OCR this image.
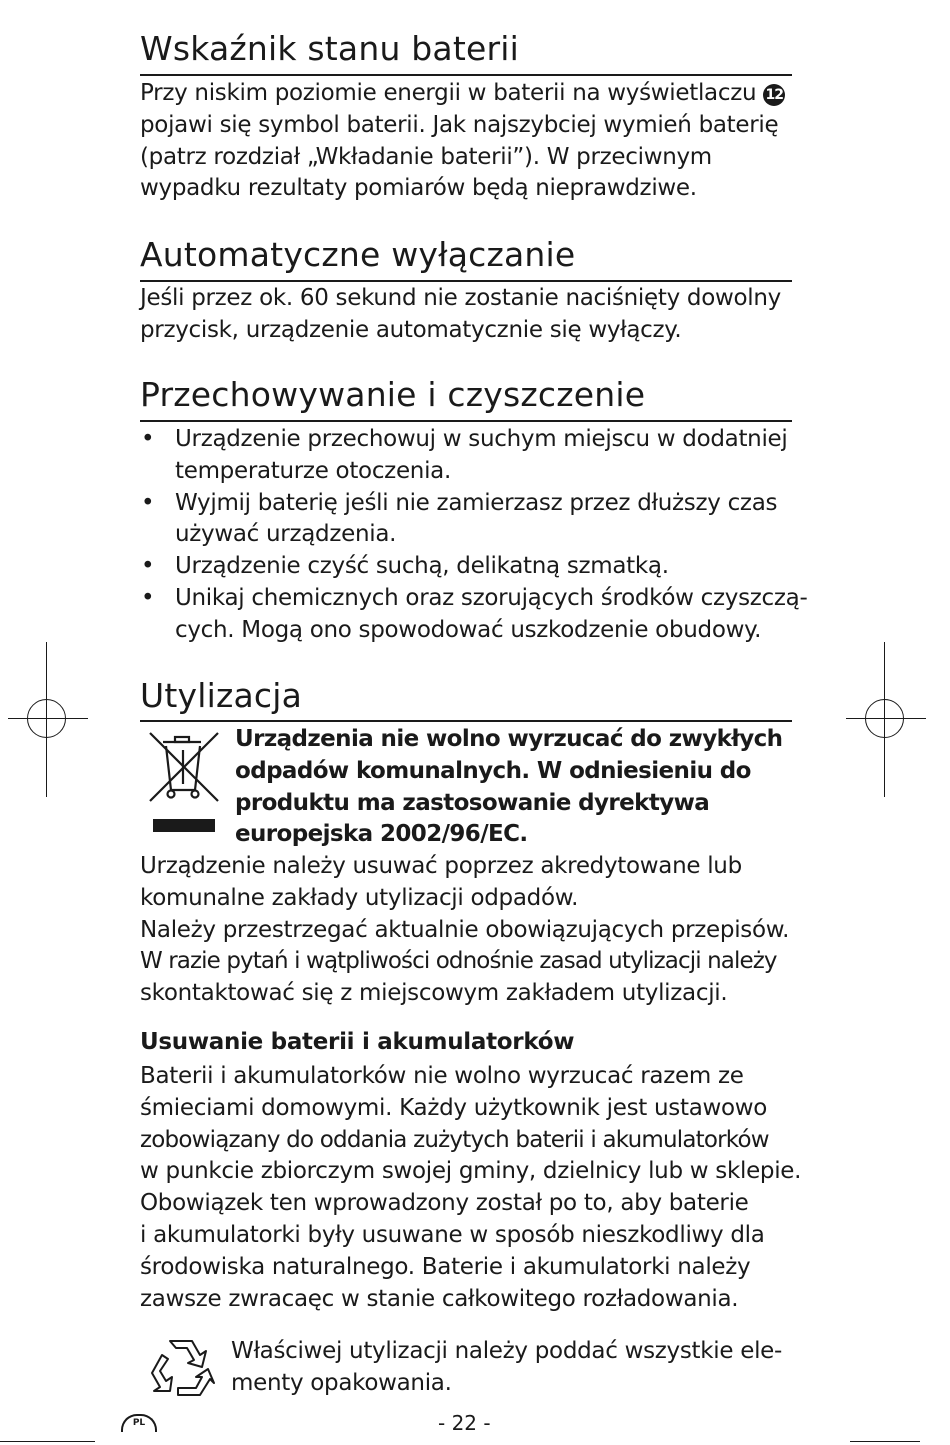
Wskaźnik stanu baterii
Przy niskim poziomie energii w baterii na wyświetlaczu 12
pojawi się symbol baterii. Jak najszybciej wymień baterię
(patrz rozdział „Wkładanie baterii”). W przeciwnym
wypadku rezultaty pomiarów będą nieprawdziwe.
Automatyczne wyłączanie
Jeśli przez ok. 60 sekund nie zostanie naciśnięty dowolny
przycisk, urządzenie automatycznie się wyłączy.
Przechowywanie i czyszczenie
• Urządzenie przechowuj w suchym miejscu w dodatniej
temperaturze otoczenia.
• Wyjmij baterię jeśli nie zamierzasz przez dłuższy czas
używać urządzenia.
• Urządzenie czyść suchą, delikatną szmatką.
• Unikaj chemicznych oraz szorujących środków czyszczą-
cych. Mogą ono spowodować uszkodzenie obudowy.
Utylizacja
Urządzenia nie wolno wyrzucać do zwykłych
odpadów komunalnych. W odniesieniu do
produktu ma zastosowanie dyrektywa
europejska 2002/96/EC.
Urządzenie należy usuwać poprzez akredytowane lub
komunalne zakłady utylizacji odpadów.
Należy przestrzegać aktualnie obowiązujących przepisów.
W razie pytań i wątpliwości odnośnie zasad utylizacji należy
skontaktować się z miejscowym zakładem utylizacji.
Usuwanie baterii i akumulatorków
Baterii i akumulatorków nie wolno wyrzucać razem ze
śmieciami domowymi. Każdy użytkownik jest ustawowo
zobowiązany do oddania zużytych baterii i akumulatorków
w punkcie zbiorczym swojej gminy, dzielnicy lub w sklepie.
Obowiązek ten wprowadzony został po to, aby baterie
i akumulatorki były usuwane w sposób nieszkodliwy dla
środowiska naturalnego. Baterie i akumulatorki należy
zawsze zwracaęc w stanie całkowitego rozładowania.
Właściwej utylizacji należy poddać wszystkie ele-
menty opakowania.
PL	- 22 -
